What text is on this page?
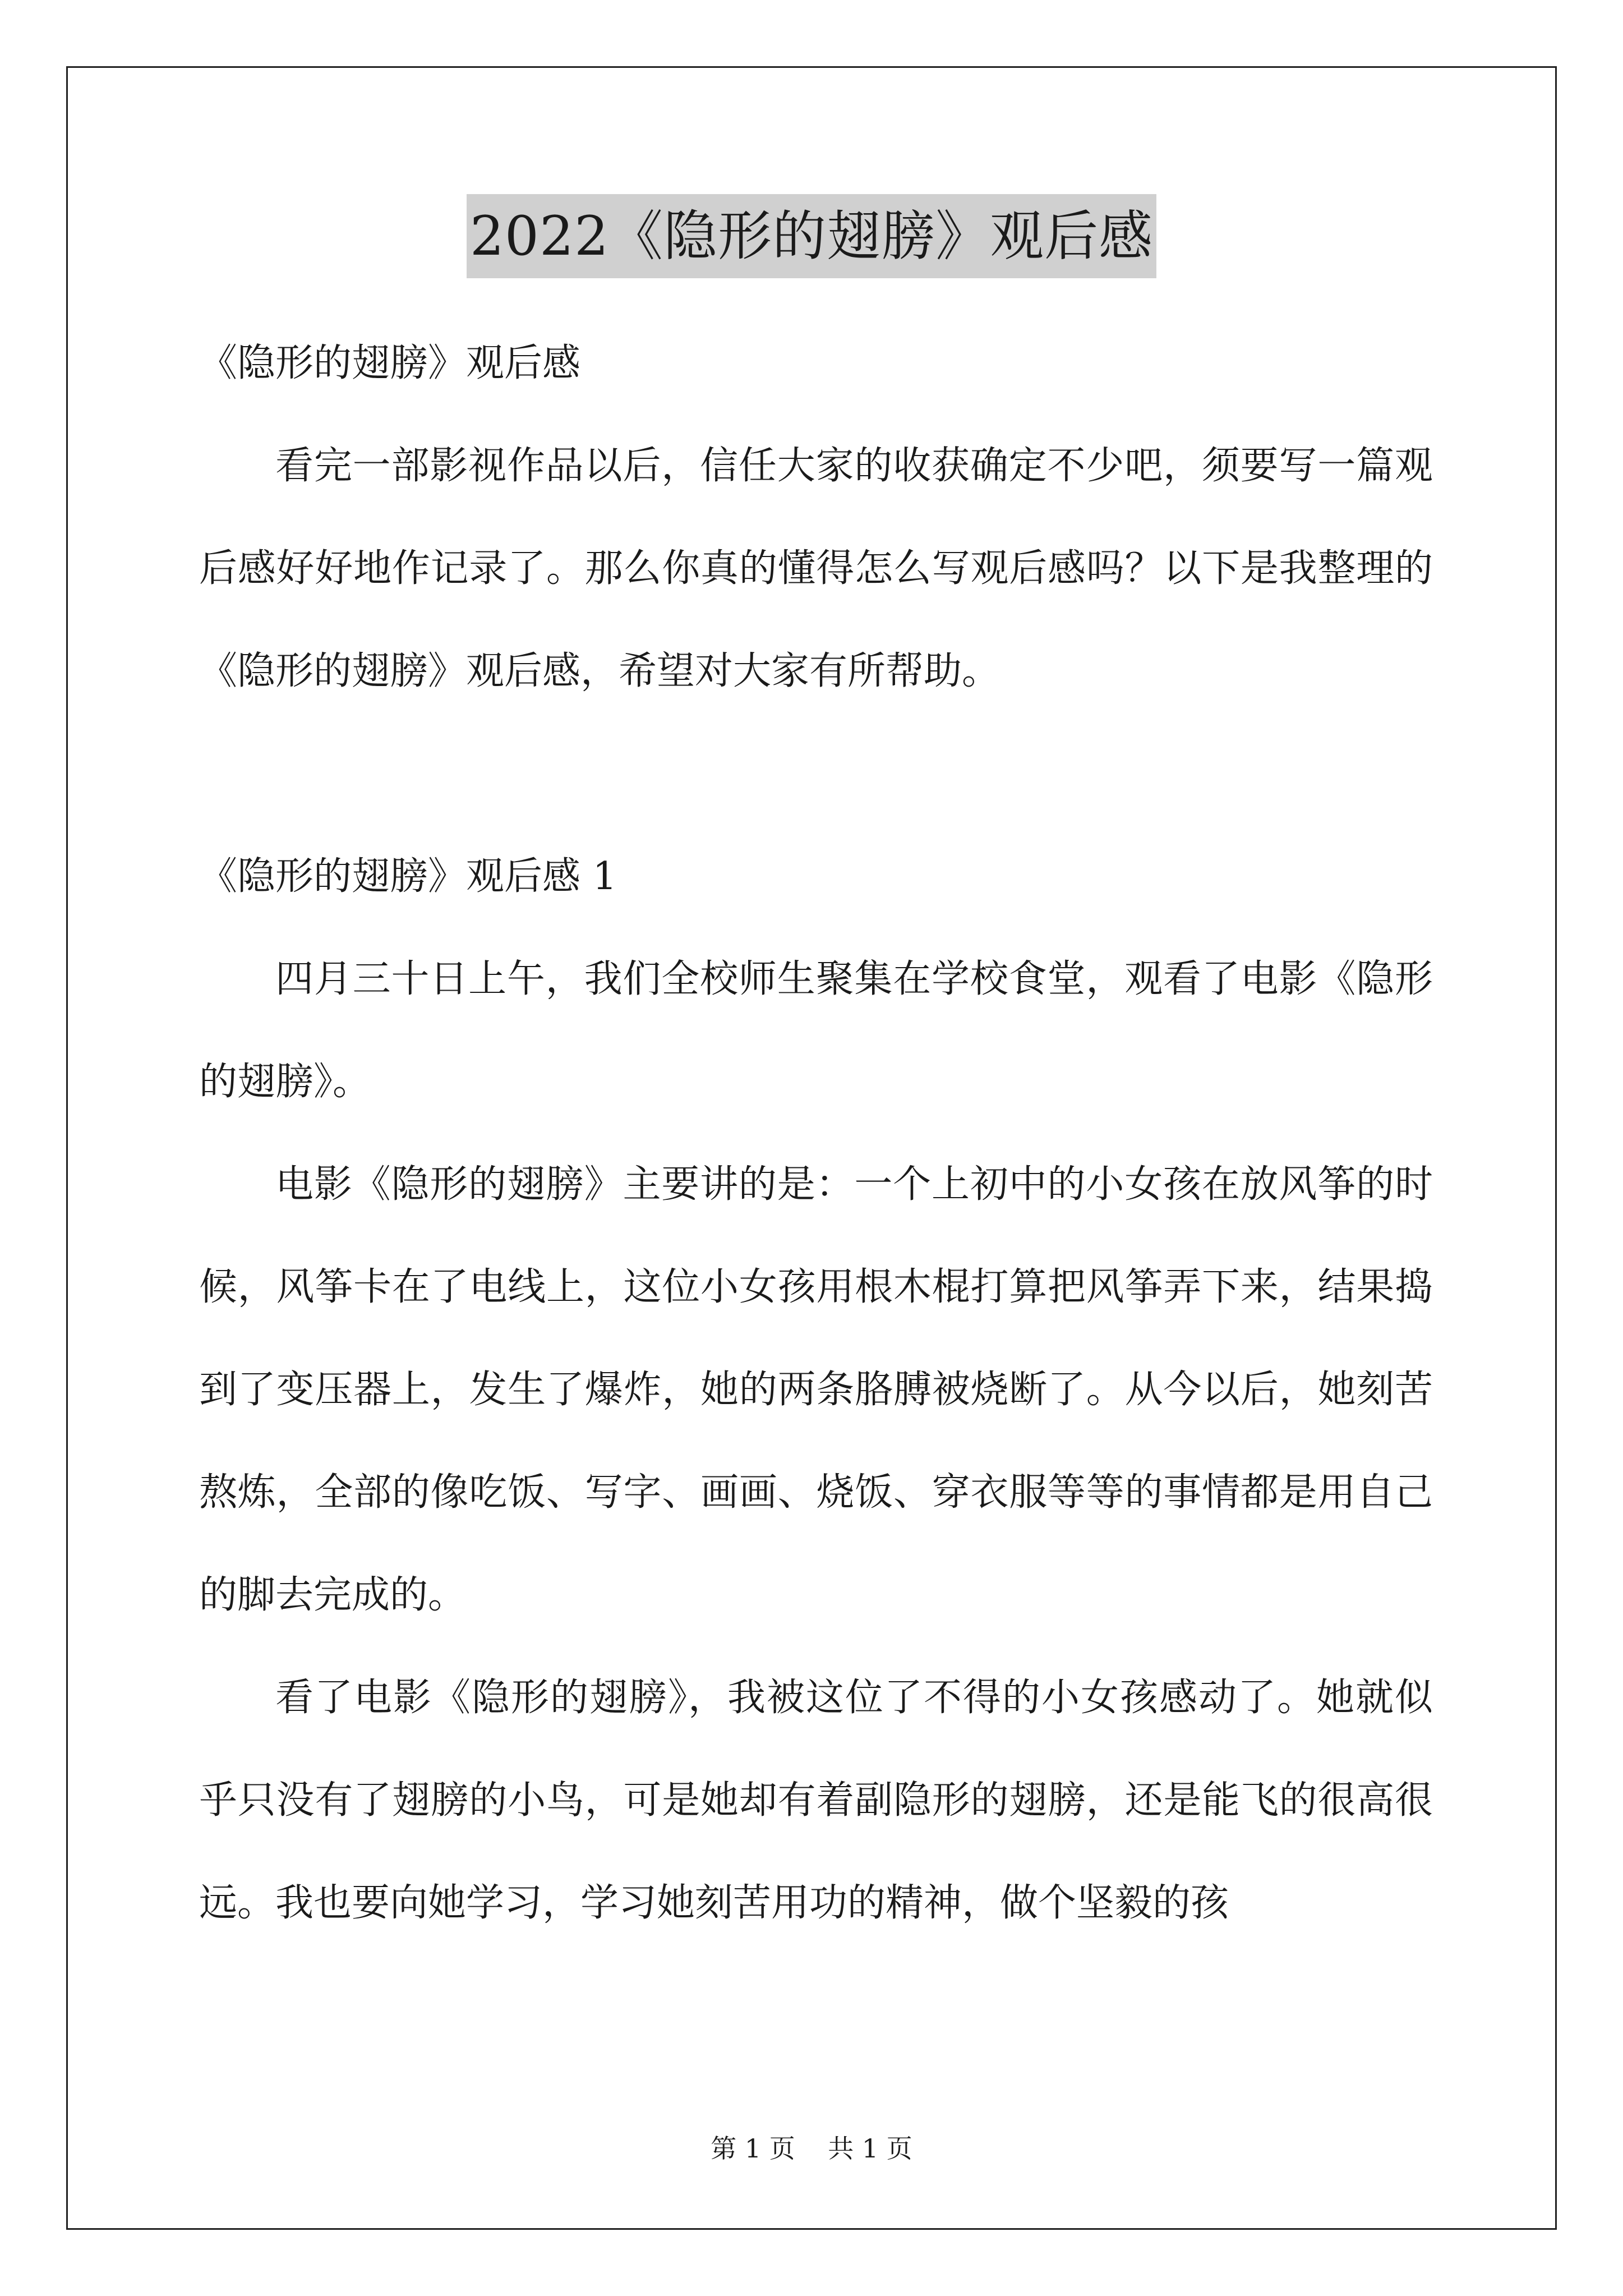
2022《隐形的翅膀》观后感

《隐形的翅膀》观后感

看完一部影视作品以后，信任大家的收获确定不少吧，须要写一篇观后感好好地作记录了。那么你真的懂得怎么写观后感吗？以下是我整理的《隐形的翅膀》观后感，希望对大家有所帮助。

《隐形的翅膀》观后感 1

四月三十日上午，我们全校师生聚集在学校食堂，观看了电影《隐形的翅膀》。

电影《隐形的翅膀》主要讲的是：一个上初中的小女孩在放风筝的时候，风筝卡在了电线上，这位小女孩用根木棍打算把风筝弄下来，结果捣到了变压器上，发生了爆炸，她的两条胳膊被烧断了。从今以后，她刻苦熬炼，全部的像吃饭、写字、画画、烧饭、穿衣服等等的事情都是用自己的脚去完成的。

看了电影《隐形的翅膀》，我被这位了不得的小女孩感动了。她就似乎只没有了翅膀的小鸟，可是她却有着副隐形的翅膀，还是能飞的很高很远。我也要向她学习，学习她刻苦用功的精神，做个坚毅的孩

第 1 页    共 1 页
